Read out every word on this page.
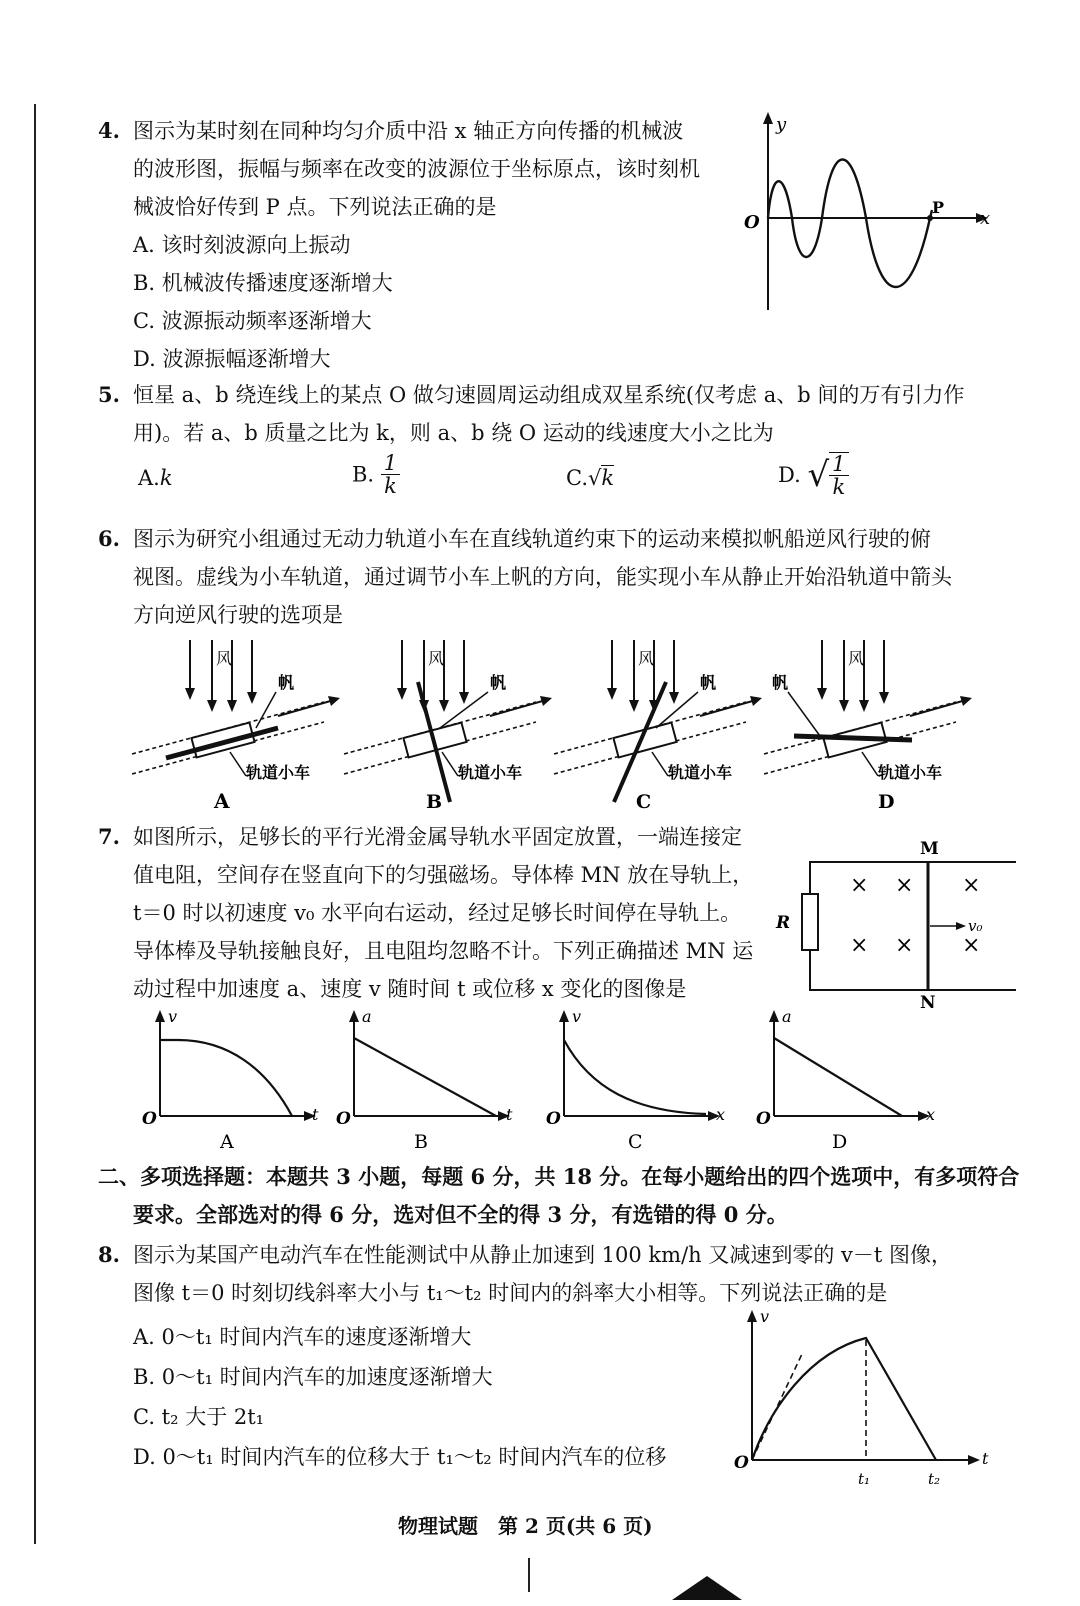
4. 图示为某时刻在同种均匀介质中沿 x 轴正方向传播的机械波
的波形图，振幅与频率在改变的波源位于坐标原点，该时刻机
械波恰好传到 P 点。下列说法正确的是
A. 该时刻波源向上振动
B. 机械波传播速度逐渐增大
C. 波源振动频率逐渐增大
D. 波源振幅逐渐增大
y
x
O
P
5. 恒星 a、b 绕连线上的某点 O 做匀速圆周运动组成双星系统(仅考虑 a、b 间的万有引力作
用)。若 a、b 质量之比为 k，则 a、b 绕 O 运动的线速度大小之比为
A.k	B. $\frac{1}{k}$	C.√k	D. √ $\frac{1}{k}$
6. 图示为研究小组通过无动力轨道小车在直线轨道约束下的运动来模拟帆船逆风行驶的俯
视图。虚线为小车轨道，通过调节小车上帆的方向，能实现小车从静止开始沿轨道中箭头
方向逆风行驶的选项是
风
帆
轨道小车
A
风
帆
轨道小车
B
风
帆
轨道小车
C
风
帆
轨道小车
D
7. 如图所示，足够长的平行光滑金属导轨水平固定放置，一端连接定
值电阻，空间存在竖直向下的匀强磁场。导体棒 MN 放在导轨上，
t＝0 时以初速度 v₀ 水平向右运动，经过足够长时间停在导轨上。
导体棒及导轨接触良好，且电阻均忽略不计。下列正确描述 MN 运
动过程中加速度 a、速度 v 随时间 t 或位移 x 变化的图像是
× × ×
× × ×
M
N
R	v₀
v
t
O
A
a
t
O
B
v
x
O
C
a
x
O
D
二、多项选择题：本题共 3 小题，每题 6 分，共 18 分。在每小题给出的四个选项中，有多项符合
要求。全部选对的得 6 分，选对但不全的得 3 分，有选错的得 0 分。
8. 图示为某国产电动汽车在性能测试中从静止加速到 100 km/h 又减速到零的 v－t 图像，
图像 t＝0 时刻切线斜率大小与 t₁～t₂ 时间内的斜率大小相等。下列说法正确的是
A. 0～t₁ 时间内汽车的速度逐渐增大
B. 0～t₁ 时间内汽车的加速度逐渐增大
C. t₂ 大于 2t₁
D. 0～t₁ 时间内汽车的位移大于 t₁～t₂ 时间内汽车的位移
v
t
O
t₁	t₂
物理试题　第 2 页(共 6 页)
